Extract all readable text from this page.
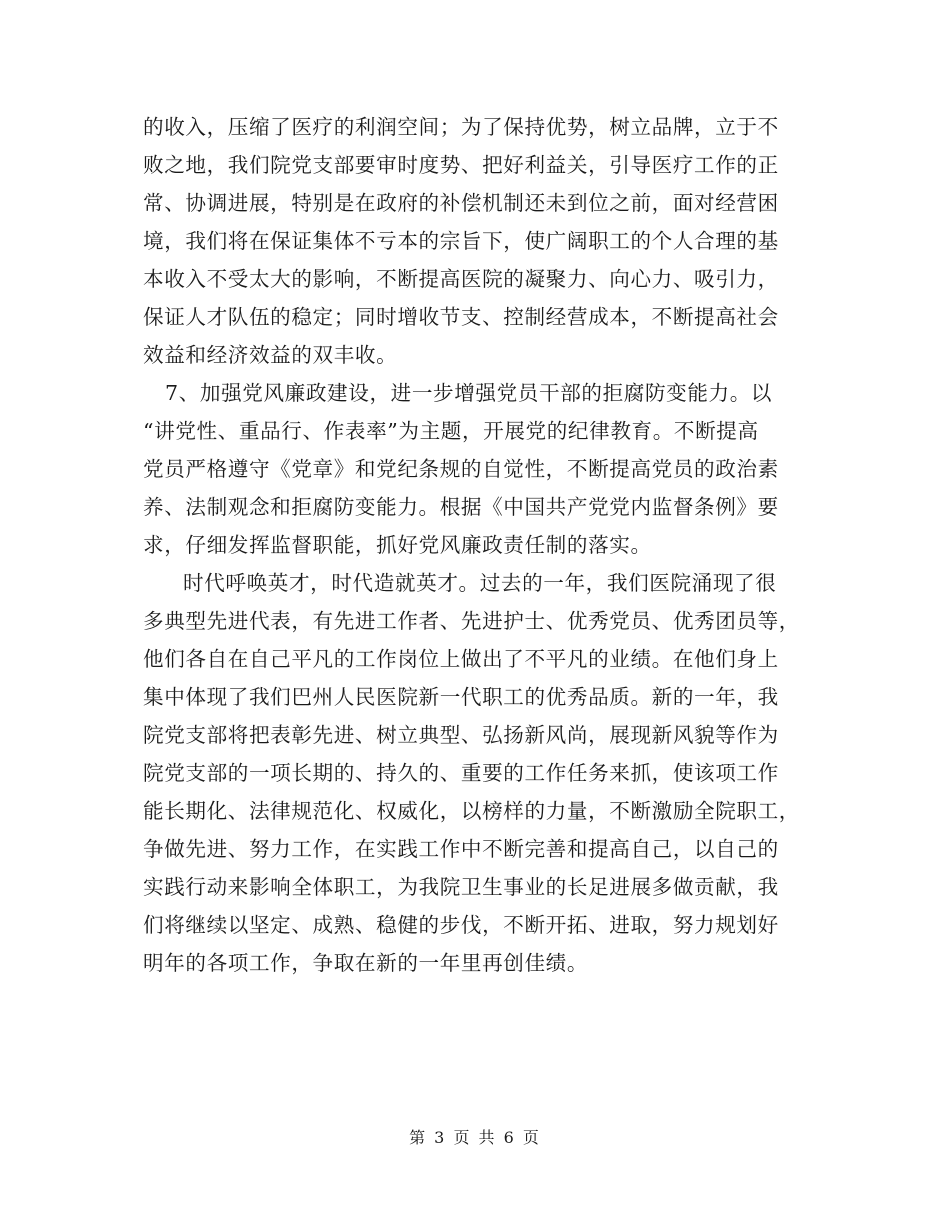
的收入，压缩了医疗的利润空间；为了保持优势，树立品牌，立于不
败之地，我们院党支部要审时度势、把好利益关，引导医疗工作的正
常、协调进展，特别是在政府的补偿机制还未到位之前，面对经营困
境，我们将在保证集体不亏本的宗旨下，使广阔职工的个人合理的基
本收入不受太大的影响，不断提高医院的凝聚力、向心力、吸引力，
保证人才队伍的稳定；同时增收节支、控制经营成本，不断提高社会
效益和经济效益的双丰收。
7、加强党风廉政建设，进一步增强党员干部的拒腐防变能力。以
“讲党性、重品行、作表率”为主题，开展党的纪律教育。不断提高
党员严格遵守《党章》和党纪条规的自觉性，不断提高党员的政治素
养、法制观念和拒腐防变能力。根据《中国共产党党内监督条例》要
求，仔细发挥监督职能，抓好党风廉政责任制的落实。
时代呼唤英才，时代造就英才。过去的一年，我们医院涌现了很
多典型先进代表，有先进工作者、先进护士、优秀党员、优秀团员等，
他们各自在自己平凡的工作岗位上做出了不平凡的业绩。在他们身上
集中体现了我们巴州人民医院新一代职工的优秀品质。新的一年，我
院党支部将把表彰先进、树立典型、弘扬新风尚，展现新风貌等作为
院党支部的一项长期的、持久的、重要的工作任务来抓，使该项工作
能长期化、法律规范化、权威化，以榜样的力量，不断激励全院职工，
争做先进、努力工作，在实践工作中不断完善和提高自己，以自己的
实践行动来影响全体职工，为我院卫生事业的长足进展多做贡献，我
们将继续以坚定、成熟、稳健的步伐，不断开拓、进取，努力规划好
明年的各项工作，争取在新的一年里再创佳绩。
第 3 页 共 6 页
